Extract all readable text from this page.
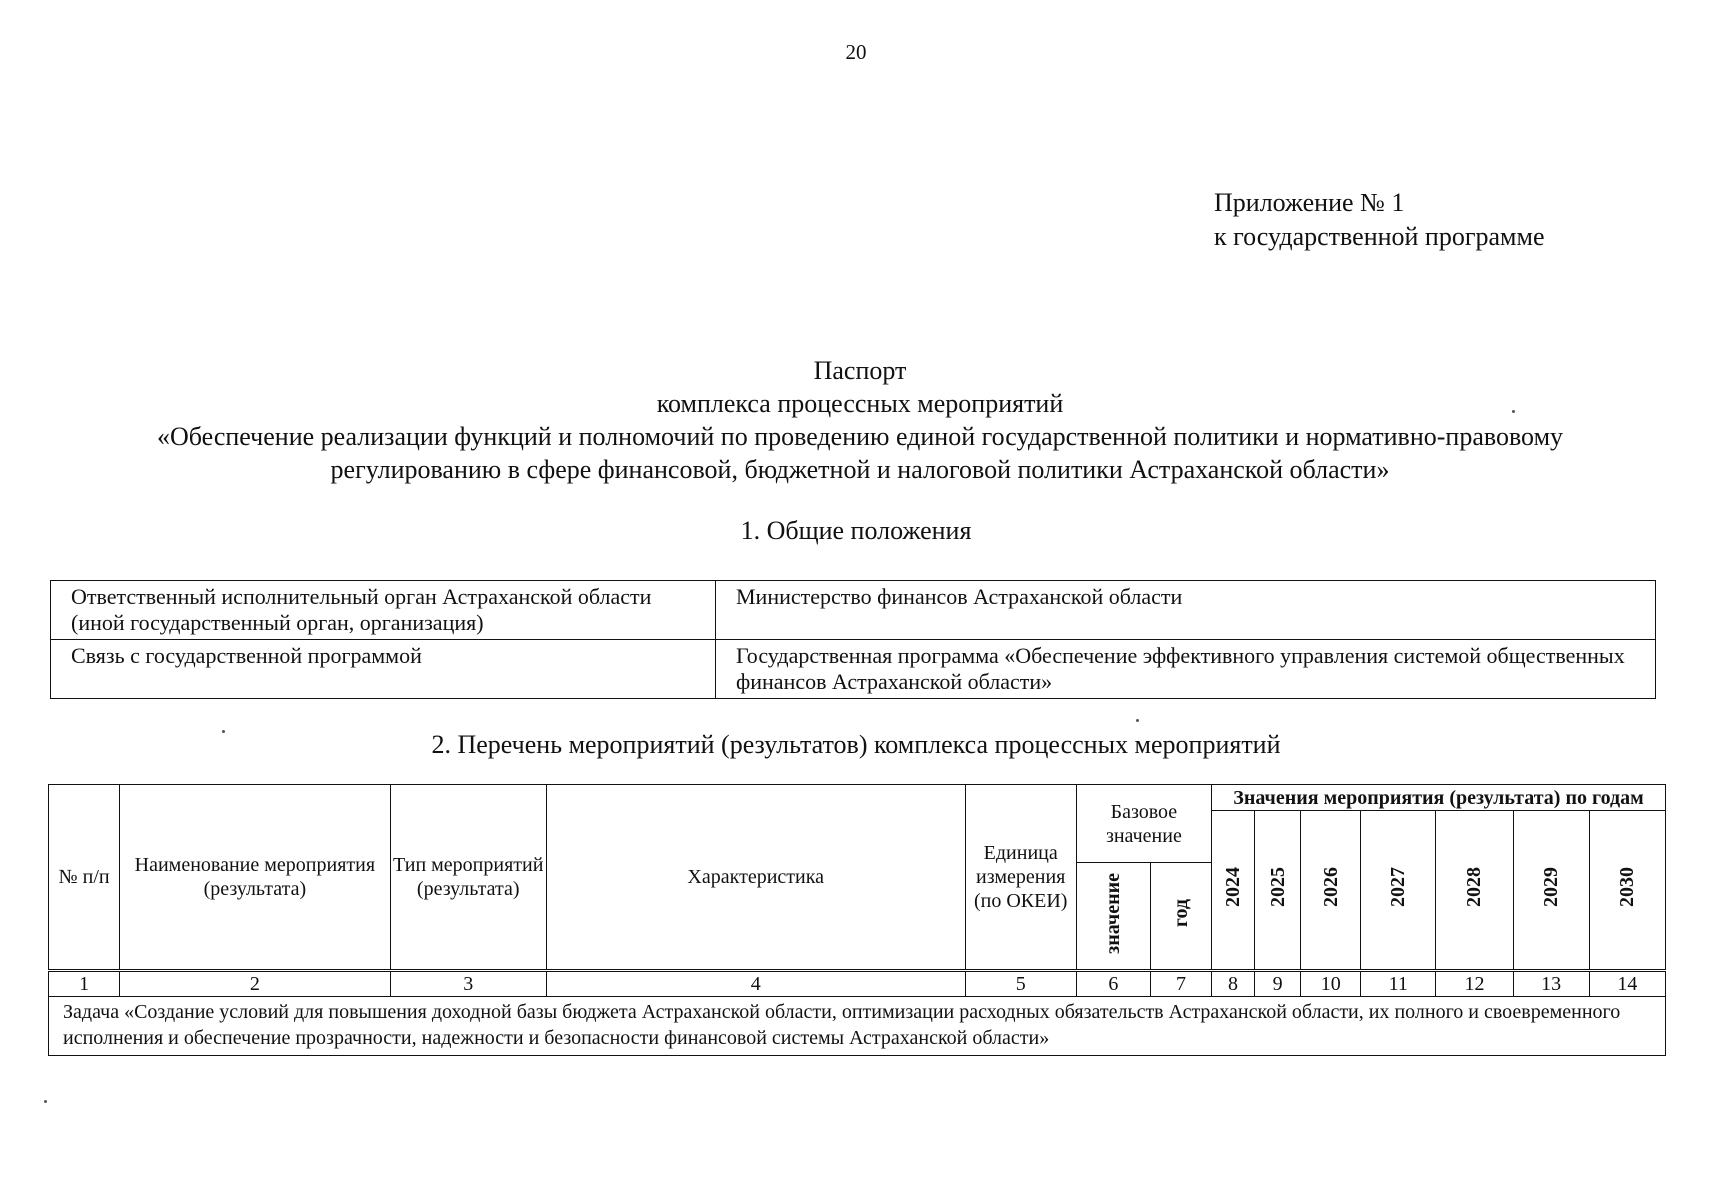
20
Приложение № 1
к государственной программе
Паспорт
комплекса процессных мероприятий
«Обеспечение реализации функций и полномочий по проведению единой государственной политики и нормативно-правовому
регулированию в сфере финансовой, бюджетной и налоговой политики Астраханской области»
1. Общие положения
Ответственный исполнительный орган Астраханской области (иной государственный орган, организация)	Министерство финансов Астраханской области
Связь с государственной программой	Государственная программа «Обеспечение эффективного управления системой общественных финансов Астраханской области»
2. Перечень мероприятий (результатов) комплекса процессных мероприятий
№ п/п	Наименование мероприятия (результата)	Тип мероприятий (результата)	Характеристика	Единица измерения (по ОКЕИ)	Базовое значение		Значения мероприятия (результата) по годам						
							2024	2025	2026	2027	2028	2029	2030
					значение	год							
1	2	3	4	5	6	7	8	9	10	11	12	13	14
Задача «Создание условий для повышения доходной базы бюджета Астраханской области, оптимизации расходных обязательств Астраханской области, их полного и своевременного исполнения и обеспечение прозрачности, надежности и безопасности финансовой системы Астраханской области»													
